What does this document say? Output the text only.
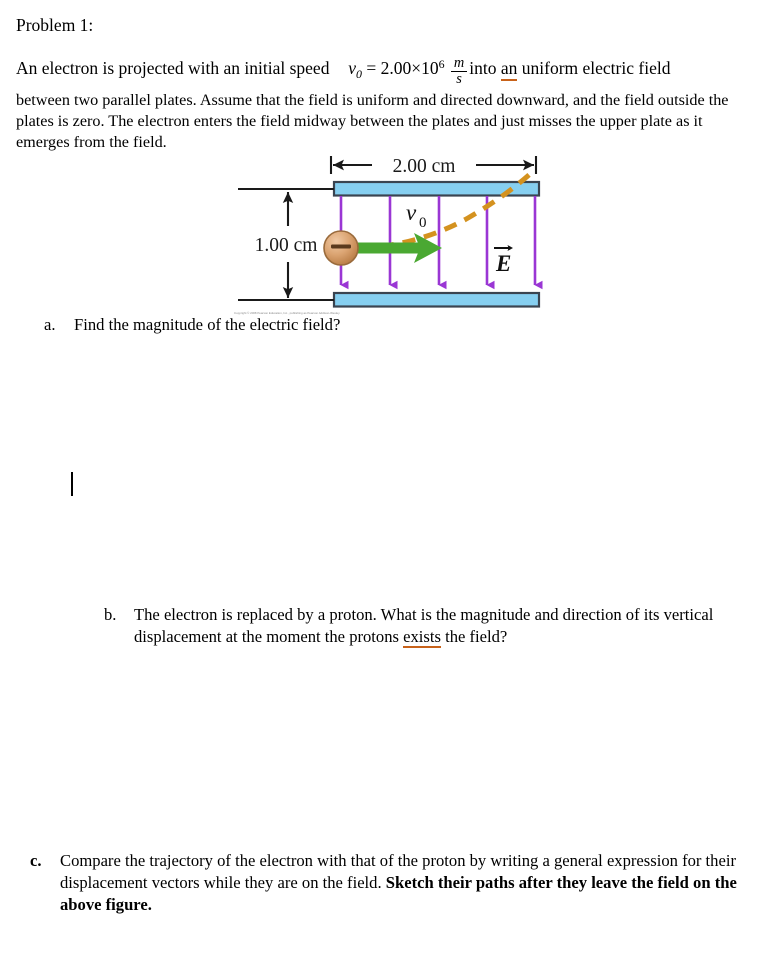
Problem 1:
An electron is projected with an initial speed $v_0 = 2.00\times 10^6 \frac{m}{s}$ into an uniform electric field
between two parallel plates. Assume that the field is uniform and directed downward, and the field outside the plates is zero. The electron enters the field midway between the plates and just misses the upper plate as it emerges from the field.
2.00 cm
1.00 cm
v 0
E
Copyright © 2008 Pearson Education, Inc., publishing as Pearson Addison-Wesley.
a.	Find the magnitude of the electric field?
b.	The electron is replaced by a proton. What is the magnitude and direction of its vertical displacement at the moment the protons exists the field?
c.	Compare the trajectory of the electron with that of the proton by writing a general expression for their displacement vectors while they are on the field. Sketch their paths after they leave the field on the above figure.
